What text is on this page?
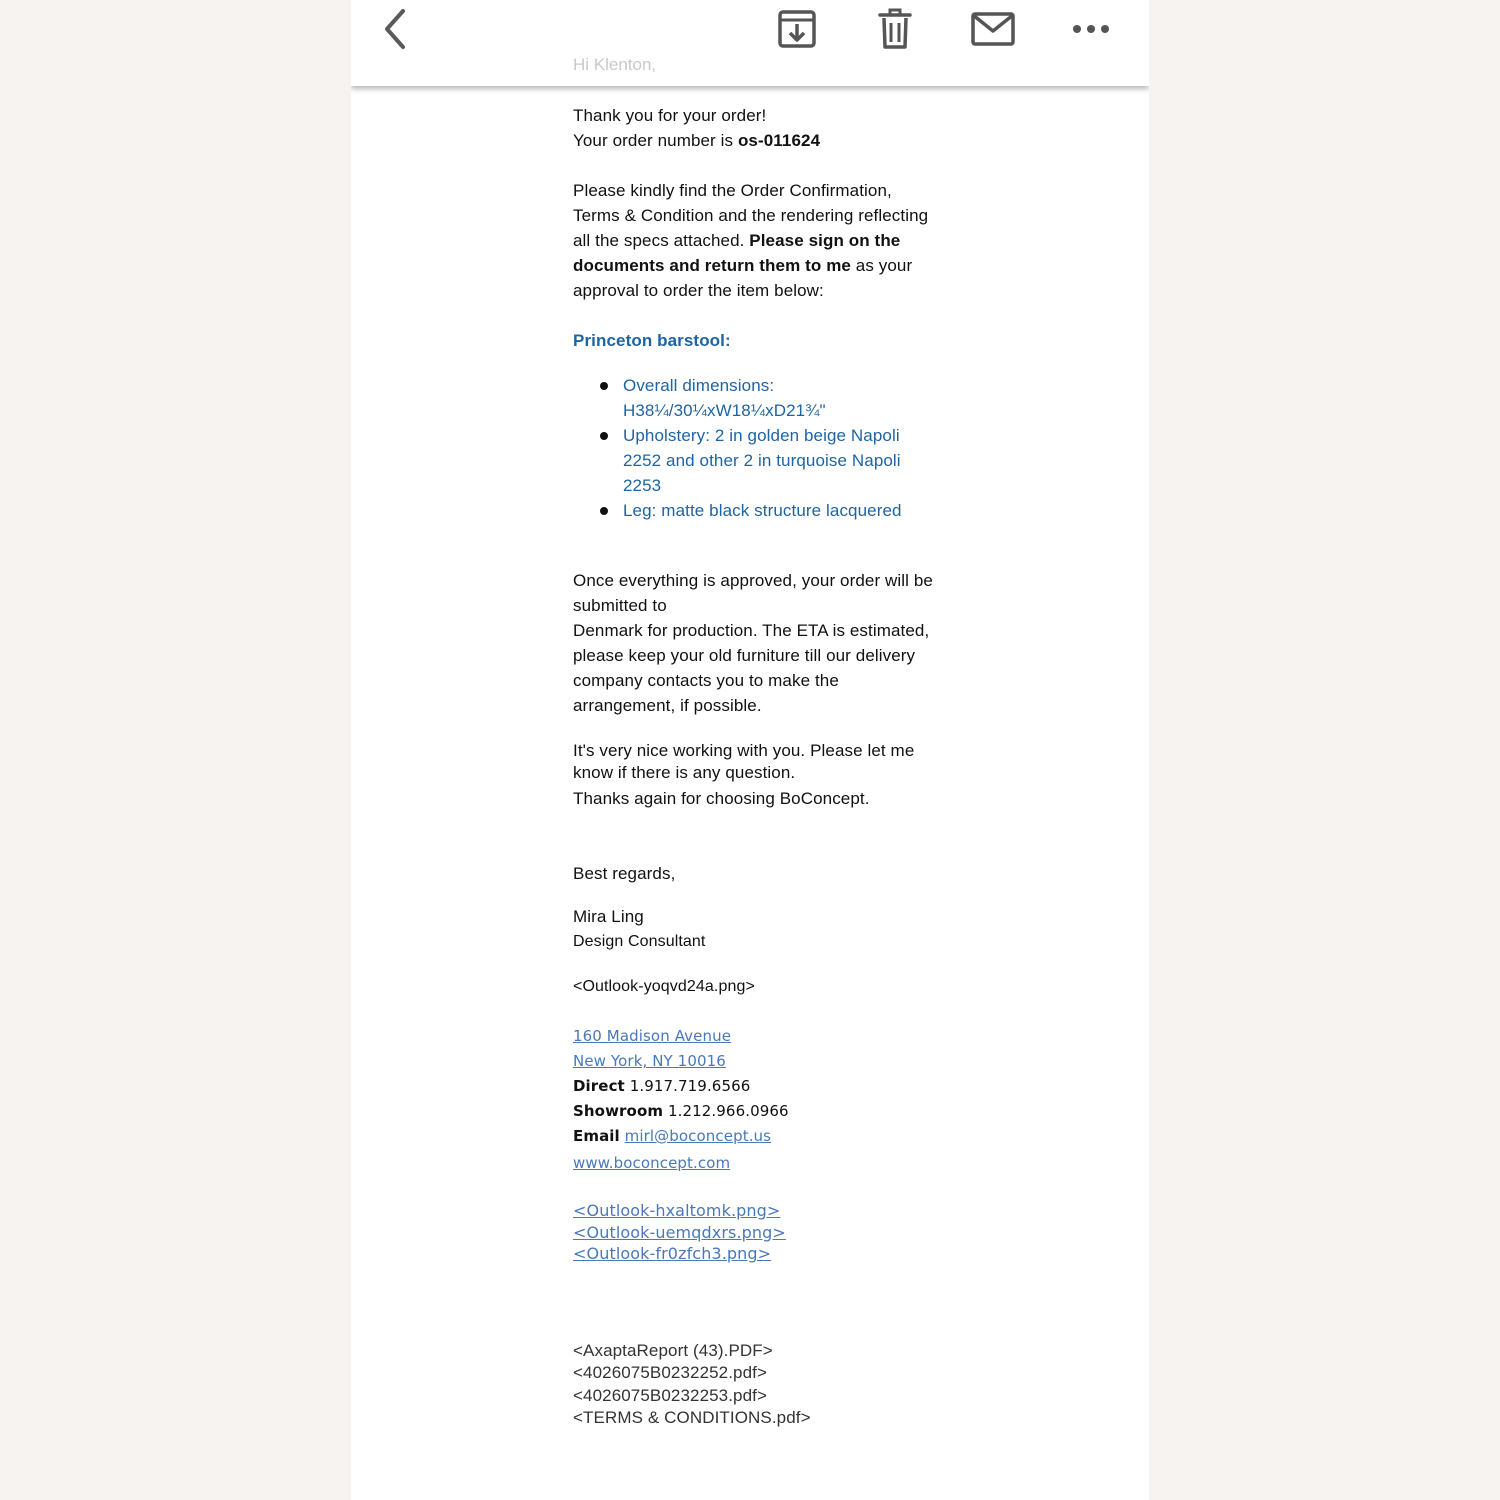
Hi Klenton,

Thank you for your order!

Your order number is os-011624

Please kindly find the Order Confirmation, Terms & Condition and the rendering reflecting all the specs attached. Please sign on the documents and return them to me as your approval to order the item below:

Princeton barstool:

Overall dimensions: H38¼/30¼xW18¼xD21¾"
Upholstery: 2 in golden beige Napoli 2252 and other 2 in turquoise Napoli 2253
Leg: matte black structure lacquered

Once everything is approved, your order will be submitted to

Denmark for production. The ETA is estimated, please keep your old furniture till our delivery company contacts you to make the arrangement, if possible.

It's very nice working with you. Please let me know if there is any question.

Thanks again for choosing BoConcept.

Best regards,

Mira Ling

Design Consultant

<Outlook-yoqvd24a.png>

160 Madison Avenue
New York, NY 10016
Direct 1.917.719.6566
Showroom 1.212.966.0966
Email mirl@boconcept.us
www.boconcept.com
<Outlook-hxaltomk.png>
<Outlook-uemqdxrs.png>
<Outlook-fr0zfch3.png>
<AxaptaReport (43).PDF>
<4026075B0232252.pdf>
<4026075B0232253.pdf>
<TERMS & CONDITIONS.pdf>
